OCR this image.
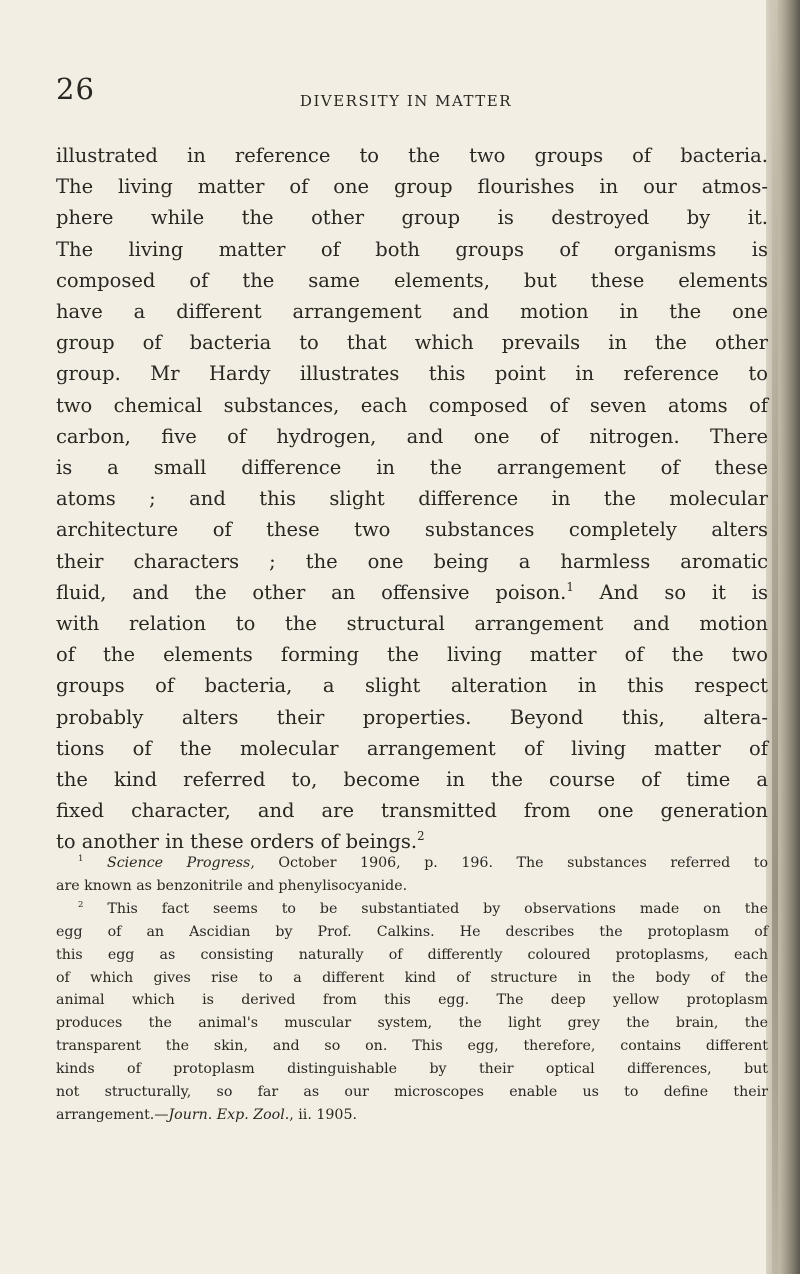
26	DIVERSITY IN MATTER

illustrated in reference to the two groups of bacteria.
The living matter of one group flourishes in our atmos-
phere while the other group is destroyed by it.
The living matter of both groups of organisms is
composed of the same elements, but these elements
have a different arrangement and motion in the one
group of bacteria to that which prevails in the other
group. Mr Hardy illustrates this point in reference to
two chemical substances, each composed of seven atoms of
carbon, five of hydrogen, and one of nitrogen. There
is a small difference in the arrangement of these
atoms ; and this slight difference in the molecular
architecture of these two substances completely alters
their characters ; the one being a harmless aromatic
fluid, and the other an offensive poison.$^1$ And so it is
with relation to the structural arrangement and motion
of the elements forming the living matter of the two
groups of bacteria, a slight alteration in this respect
probably alters their properties. Beyond this, altera-
tions of the molecular arrangement of living matter of
the kind referred to, become in the course of time a
fixed character, and are transmitted from one generation
to another in these orders of beings.$^2$

$^1$ Science Progress, October 1906, p. 196. The substances referred to
are known as benzonitrile and phenylisocyanide.
$^2$ This fact seems to be substantiated by observations made on the
egg of an Ascidian by Prof. Calkins. He describes the protoplasm of
this egg as consisting naturally of differently coloured protoplasms, each
of which gives rise to a different kind of structure in the body of the
animal which is derived from this egg. The deep yellow protoplasm
produces the animal's muscular system, the light grey the brain, the
transparent the skin, and so on. This egg, therefore, contains different
kinds of protoplasm distinguishable by their optical differences, but
not structurally, so far as our microscopes enable us to define their
arrangement.—Journ. Exp. Zool., ii. 1905.
